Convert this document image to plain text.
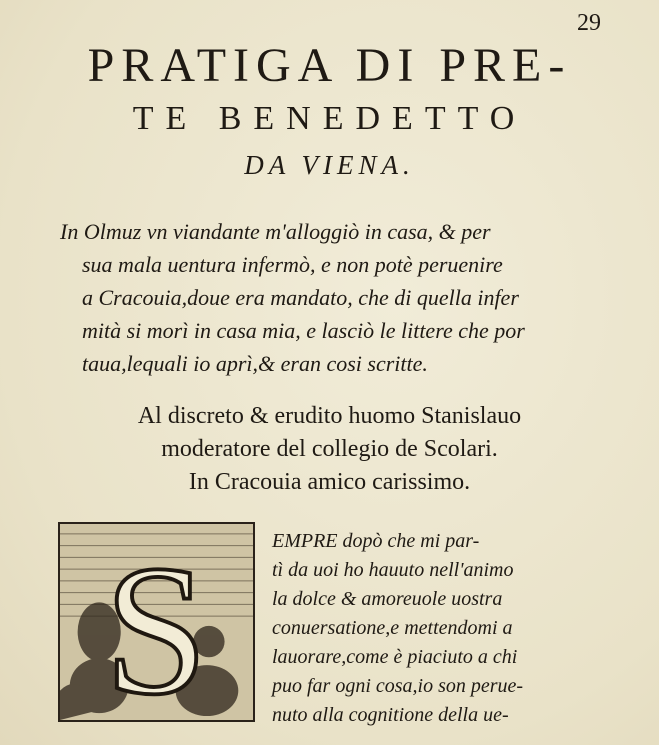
29
PRATIGA DI PRE-
TE BENEDETTO
DA VIENA.
In Olmuz vn viandante m'alloggiò in casa, & per
sua mala uentura infermò, e non potè peruenire
a Cracouia,doue era mandato, che di quella infer
mità si morì in casa mia, e lasciò le littere che por
taua,lequali io aprì,& eran cosi scritte.
Al discreto & erudito huomo Stanislauo
moderatore del collegio de Scolari.
In Cracouia amico carissimo.
S	EMPRE dopò che mi par-
tì da uoi ho hauuto nell'animo
la dolce & amoreuole uostra
conuersatione,e mettendomi a
lauorare,come è piaciuto a chi
puo far ogni cosa,io son perue-
nuto alla cognitione della ue-
